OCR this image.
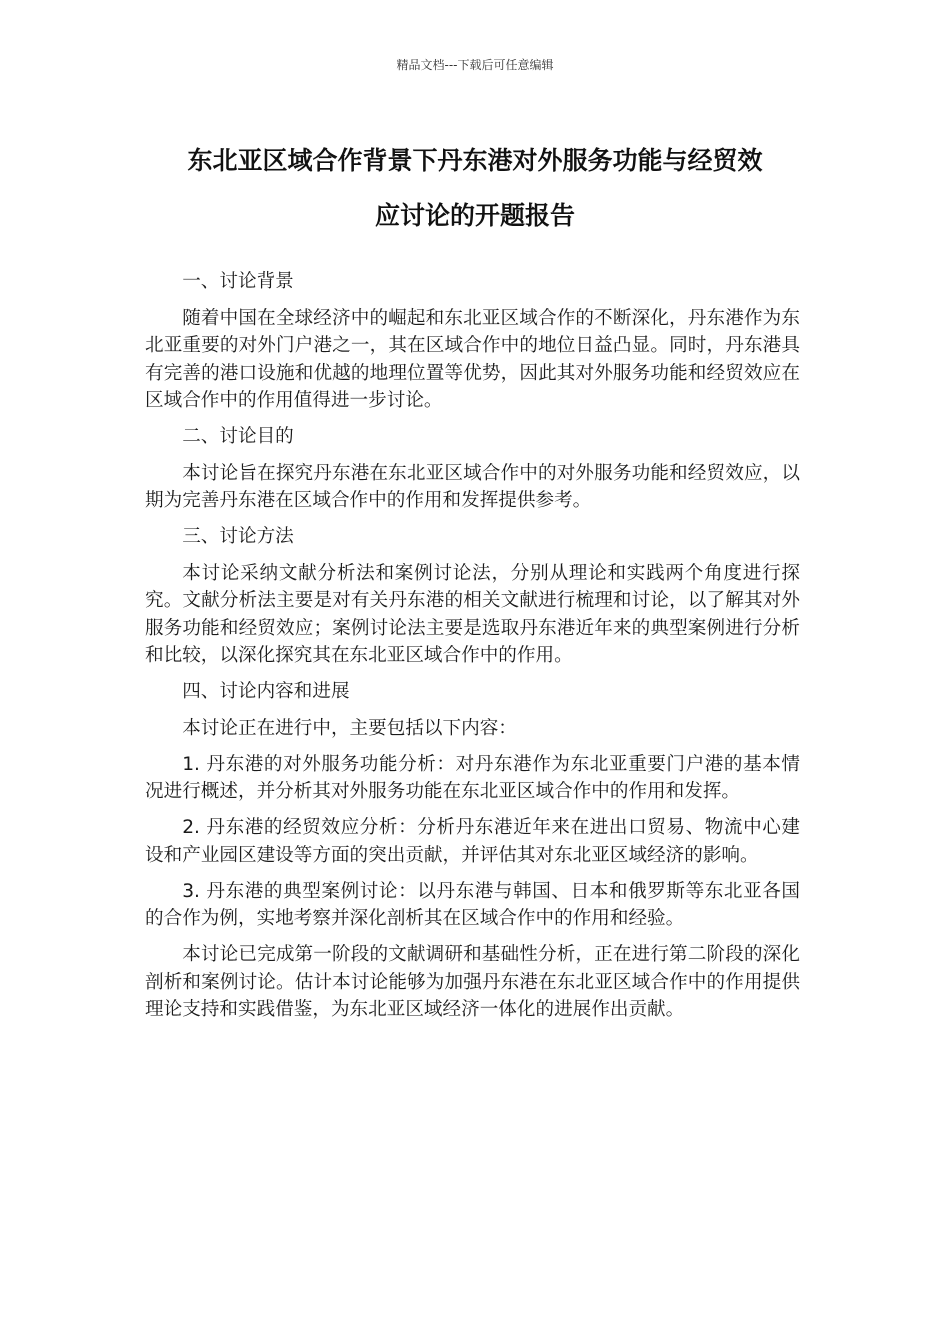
精品文档---下载后可任意编辑
东北亚区域合作背景下丹东港对外服务功能与经贸效
应讨论的开题报告

一、讨论背景

随着中国在全球经济中的崛起和东北亚区域合作的不断深化，丹东港作为东北亚重要的对外门户港之一，其在区域合作中的地位日益凸显。同时，丹东港具有完善的港口设施和优越的地理位置等优势，因此其对外服务功能和经贸效应在区域合作中的作用值得进一步讨论。

二、讨论目的

本讨论旨在探究丹东港在东北亚区域合作中的对外服务功能和经贸效应，以期为完善丹东港在区域合作中的作用和发挥提供参考。

三、讨论方法

本讨论采纳文献分析法和案例讨论法，分别从理论和实践两个角度进行探究。文献分析法主要是对有关丹东港的相关文献进行梳理和讨论，以了解其对外服务功能和经贸效应；案例讨论法主要是选取丹东港近年来的典型案例进行分析和比较，以深化探究其在东北亚区域合作中的作用。

四、讨论内容和进展

本讨论正在进行中，主要包括以下内容：

1. 丹东港的对外服务功能分析：对丹东港作为东北亚重要门户港的基本情况进行概述，并分析其对外服务功能在东北亚区域合作中的作用和发挥。

2. 丹东港的经贸效应分析：分析丹东港近年来在进出口贸易、物流中心建设和产业园区建设等方面的突出贡献，并评估其对东北亚区域经济的影响。

3. 丹东港的典型案例讨论：以丹东港与韩国、日本和俄罗斯等东北亚各国的合作为例，实地考察并深化剖析其在区域合作中的作用和经验。

本讨论已完成第一阶段的文献调研和基础性分析，正在进行第二阶段的深化剖析和案例讨论。估计本讨论能够为加强丹东港在东北亚区域合作中的作用提供理论支持和实践借鉴，为东北亚区域经济一体化的进展作出贡献。
